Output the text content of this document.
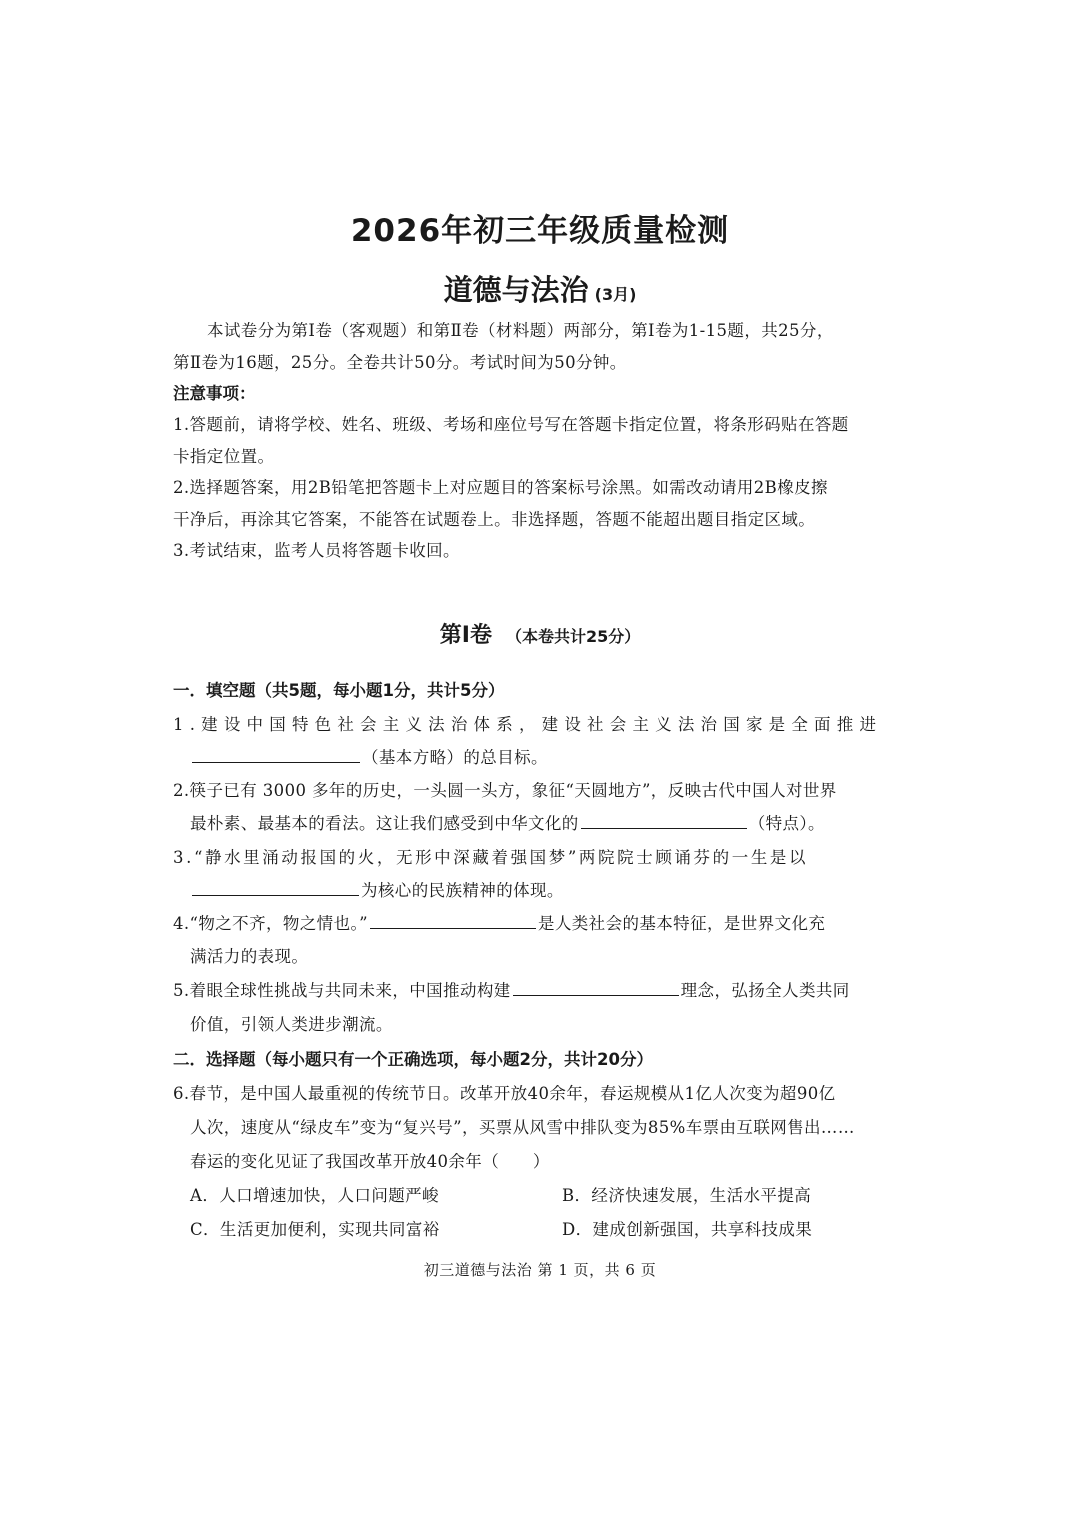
2026年初三年级质量检测
道德与法治 (3月)
本试卷分为第Ⅰ卷（客观题）和第Ⅱ卷（材料题）两部分，第Ⅰ卷为1-15题，共25分，
第Ⅱ卷为16题，25分。全卷共计50分。考试时间为50分钟。
注意事项：
1.答题前，请将学校、姓名、班级、考场和座位号写在答题卡指定位置，将条形码贴在答题
卡指定位置。
2.选择题答案，用2B铅笔把答题卡上对应题目的答案标号涂黑。如需改动请用2B橡皮擦
干净后，再涂其它答案，不能答在试题卷上。非选择题，答题不能超出题目指定区域。
3.考试结束，监考人员将答题卡收回。
第Ⅰ卷 （本卷共计25分）
一．填空题（共5题，每小题1分，共计5分）
1.建设中国特色社会主义法治体系，建设社会主义法治国家是全面推进
（基本方略）的总目标。
2.筷子已有 3000 多年的历史，一头圆一头方，象征“天圆地方”，反映古代中国人对世界
最朴素、最基本的看法。这让我们感受到中华文化的	（特点）。
3.“静水里涌动报国的火，无形中深藏着强国梦”两院院士顾诵芬的一生是以
为核心的民族精神的体现。
4.“物之不齐，物之情也。”	是人类社会的基本特征，是世界文化充
满活力的表现。
5.着眼全球性挑战与共同未来，中国推动构建	理念，弘扬全人类共同
价值，引领人类进步潮流。
二．选择题（每小题只有一个正确选项，每小题2分，共计20分）
6.春节，是中国人最重视的传统节日。改革开放40余年，春运规模从1亿人次变为超90亿
人次，速度从“绿皮车”变为“复兴号”，买票从风雪中排队变为85%车票由互联网售出……
春运的变化见证了我国改革开放40余年（　　）
A．人口增速加快，人口问题严峻	B．经济快速发展，生活水平提高
C．生活更加便利，实现共同富裕	D．建成创新强国，共享科技成果
初三道德与法治 第 1 页，共 6 页
